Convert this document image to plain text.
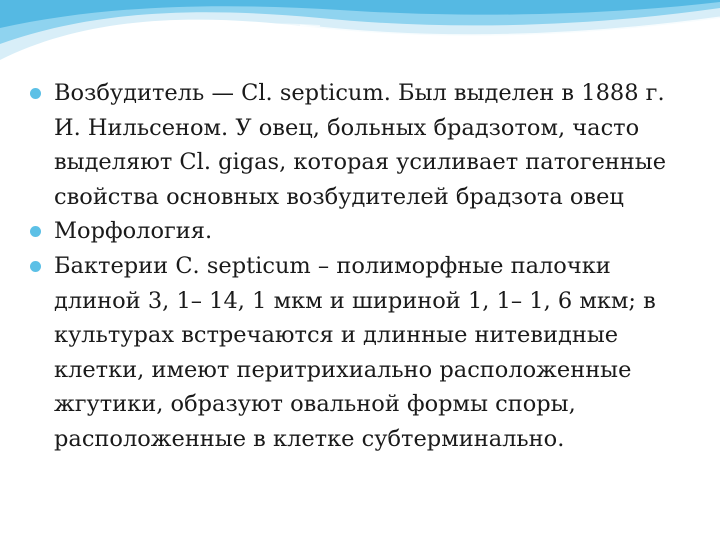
Возбудитель — Cl. septicum. Был выделен в 1888 г. И. Нильсеном. У овец, больных брадзотом, часто выделяют Cl. gigas, которая усиливает патогенные свойства основных возбудителей брадзота овец
Морфология.
Бактерии С. septicum – полиморфные палочки длиной 3, 1– 14, 1 мкм и шириной 1, 1– 1, 6 мкм; в культурах встречаются и длинные нитевидные клетки, имеют перитрихиально расположенные жгутики, образуют овальной формы споры, расположенные в клетке субтерминально.
